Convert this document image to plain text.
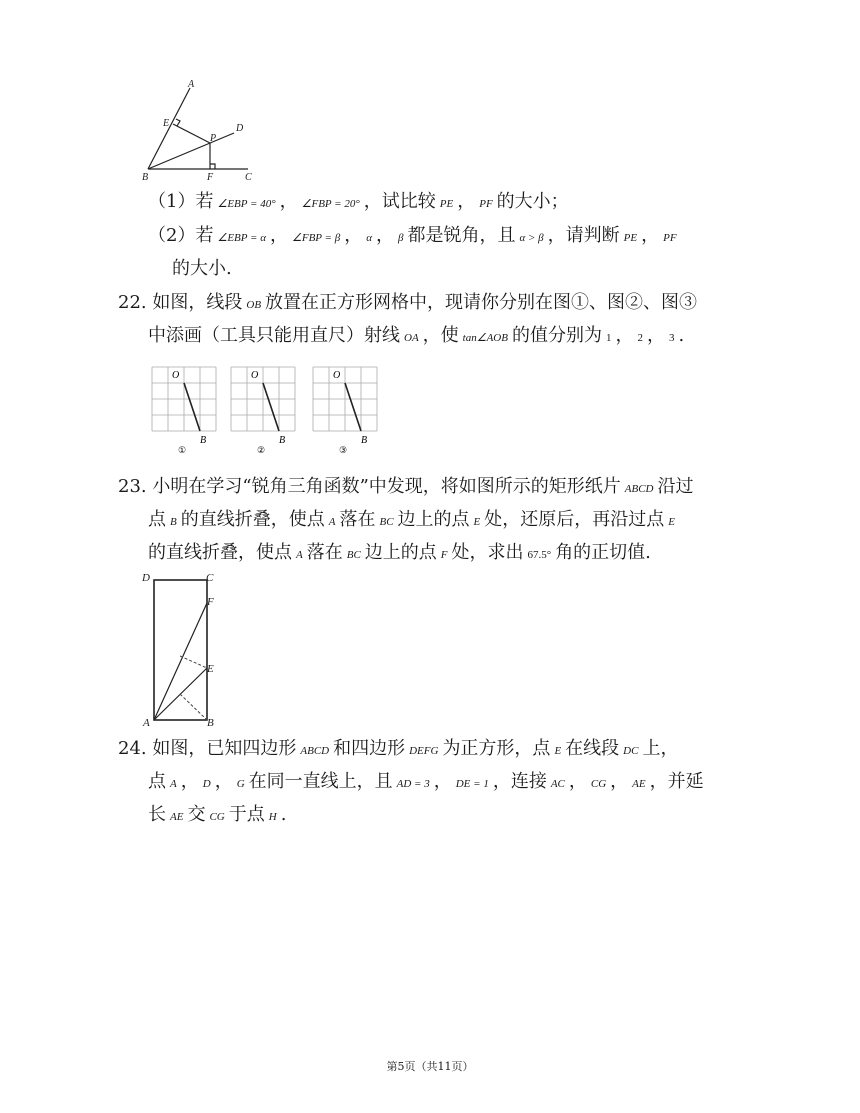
A
E
P
D
B	F	C
（1）若 ∠EBP = 40° ， ∠FBP = 20° ，试比较 PE ， PF 的大小；
（2）若 ∠EBP = α ， ∠FBP = β ， α ， β 都是锐角，且 α > β ，请判断 PE ， PF
的大小.
22. 如图，线段 OB 放置在正方形网格中，现请你分别在图①、图②、图③
中添画（工具只能用直尺）射线 OA ，使 tan∠AOB 的值分别为 1 ， 2 ， 3 .
O
B
①
O
B
②
O
B
③
23. 小明在学习“锐角三角函数”中发现，将如图所示的矩形纸片 ABCD 沿过
点 B 的直线折叠，使点 A 落在 BC 边上的点 E 处，还原后，再沿过点 E
的直线折叠，使点 A 落在 BC 边上的点 F 处，求出 67.5° 角的正切值.
D	C
F
E
A	B
24. 如图，已知四边形 ABCD 和四边形 DEFG 为正方形，点 E 在线段 DC 上，
点 A ， D ， G 在同一直线上，且 AD = 3 ， DE = 1 ，连接 AC ， CG ， AE ，并延
长AE 交 CG 于点 H .
第5页（共11页）
